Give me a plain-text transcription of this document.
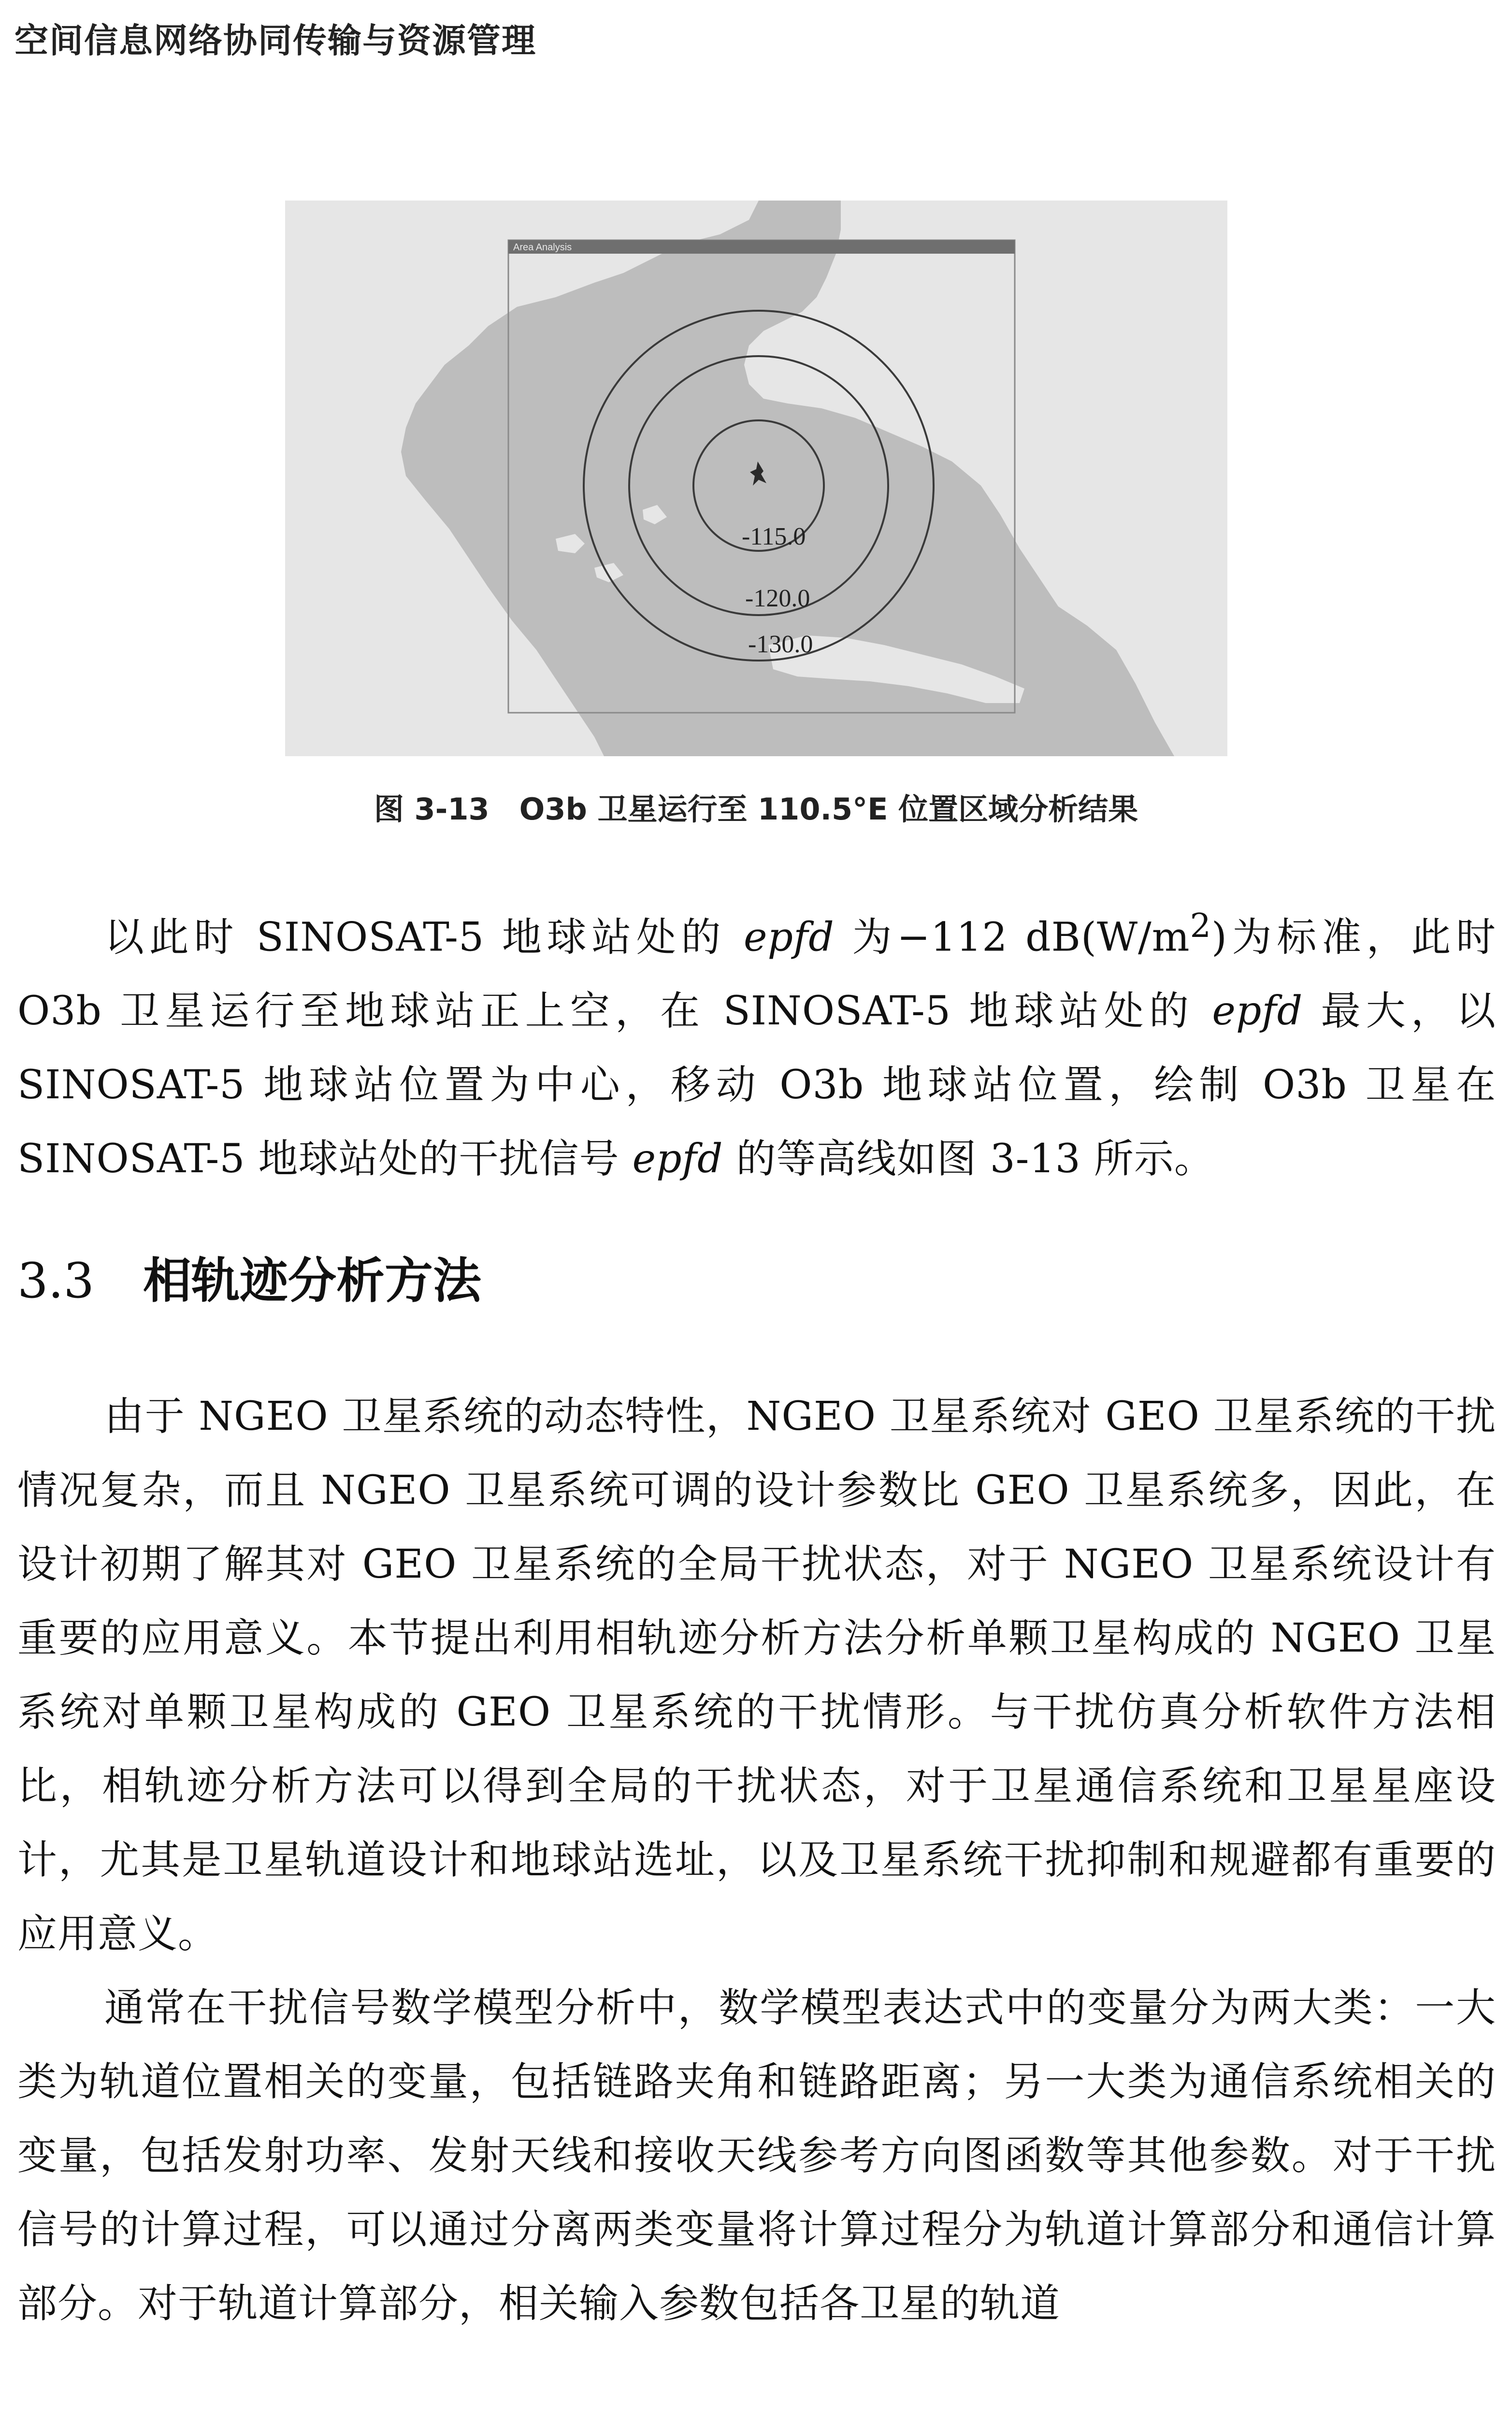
空间信息网络协同传输与资源管理
Area Analysis
-115.0
-120.0
-130.0
图 3-13　O3b 卫星运行至 110.5°E 位置区域分析结果

以此时 SINOSAT-5 地球站处的 epfd 为−112 $dB(W/m^2)$为标准，此时 O3b 卫星运行至地球站正上空，在 SINOSAT-5 地球站处的 epfd 最大，以 SINOSAT-5 地球站位置为中心，移动 O3b 地球站位置，绘制 O3b 卫星在 SINOSAT-5 地球站处的干扰信号 epfd 的等高线如图 3-13 所示。

3.3 相轨迹分析方法

由于 NGEO 卫星系统的动态特性，NGEO 卫星系统对 GEO 卫星系统的干扰情况复杂，而且 NGEO 卫星系统可调的设计参数比 GEO 卫星系统多，因此，在设计初期了解其对 GEO 卫星系统的全局干扰状态，对于 NGEO 卫星系统设计有重要的应用意义。本节提出利用相轨迹分析方法分析单颗卫星构成的 NGEO 卫星系统对单颗卫星构成的 GEO 卫星系统的干扰情形。与干扰仿真分析软件方法相比，相轨迹分析方法可以得到全局的干扰状态，对于卫星通信系统和卫星星座设计，尤其是卫星轨道设计和地球站选址，以及卫星系统干扰抑制和规避都有重要的应用意义。

通常在干扰信号数学模型分析中，数学模型表达式中的变量分为两大类：一大类为轨道位置相关的变量，包括链路夹角和链路距离；另一大类为通信系统相关的变量，包括发射功率、发射天线和接收天线参考方向图函数等其他参数。对于干扰信号的计算过程，可以通过分离两类变量将计算过程分为轨道计算部分和通信计算部分。对于轨道计算部分，相关输入参数包括各卫星的轨道
